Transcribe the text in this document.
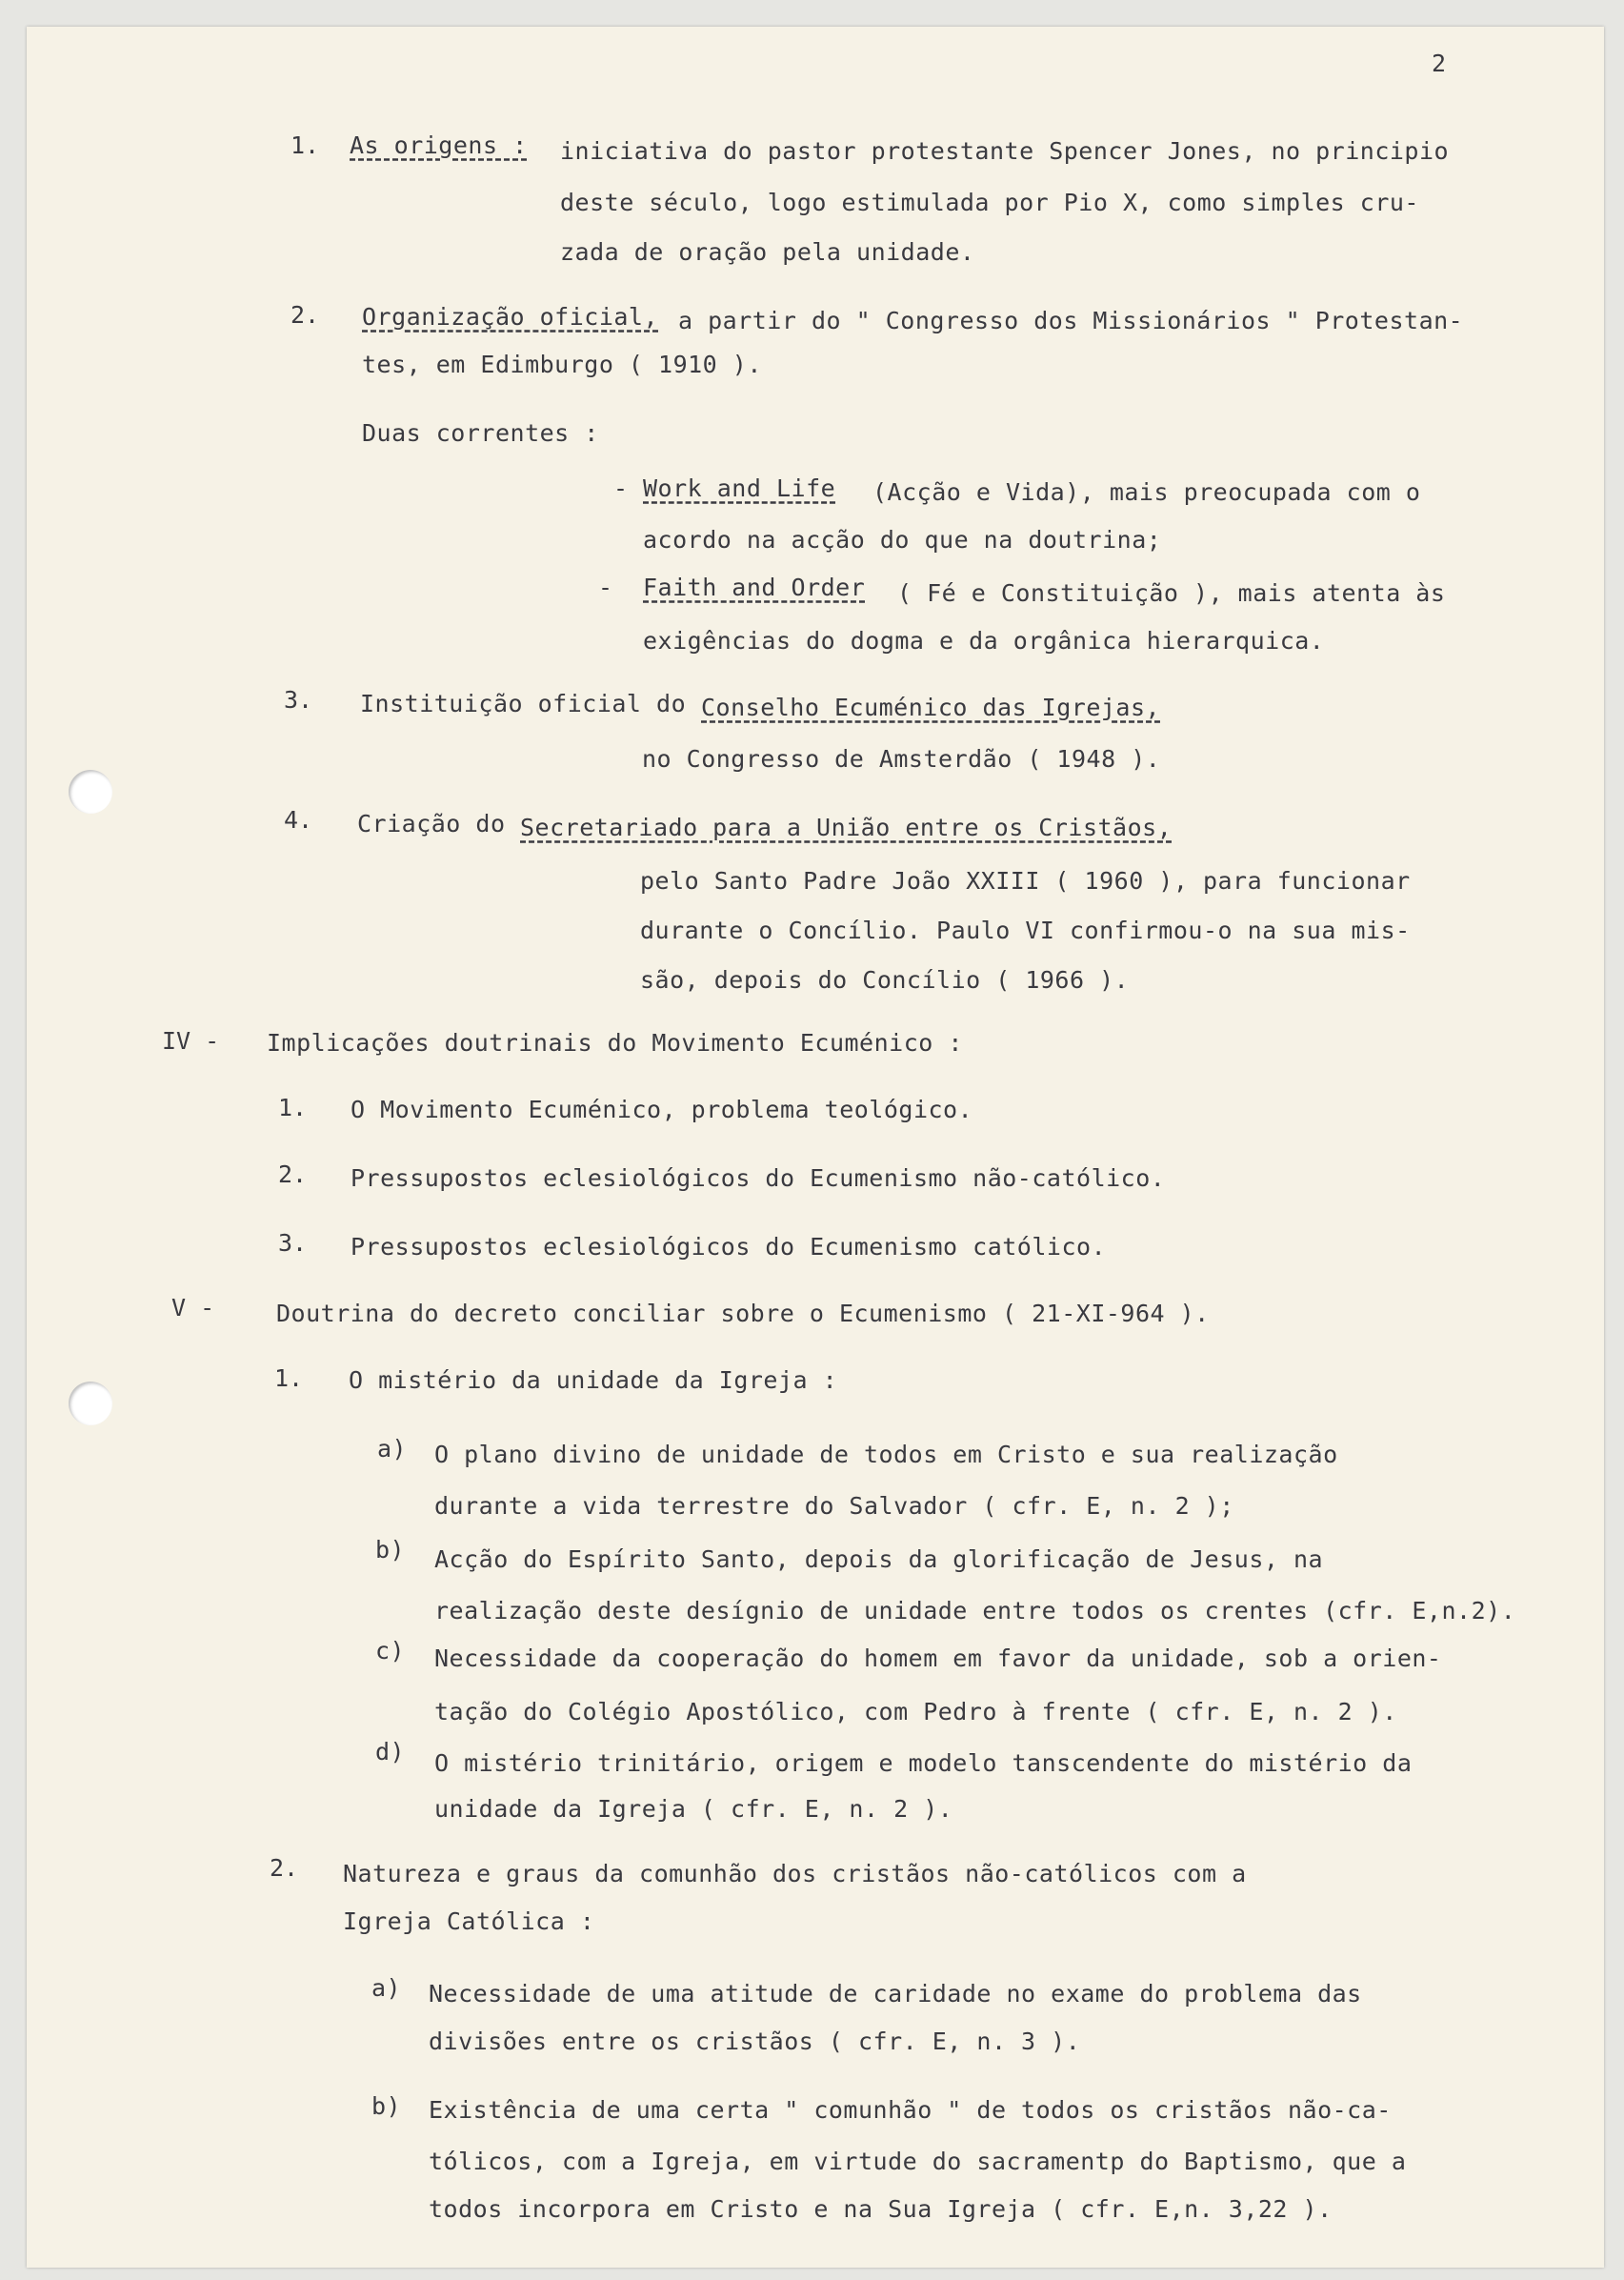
2
1. As origens : iniciativa do pastor protestante Spencer Jones, no principio
deste século, logo estimulada por Pio X, como simples cru-
zada de oração pela unidade.
2. Organização oficial, a partir do " Congresso dos Missionários " Protestan-
tes, em Edimburgo ( 1910 ).
Duas correntes :
- Work and Life (Acção e Vida), mais preocupada com o
acordo na acção do que na doutrina;
- Faith and Order ( Fé e Constituição ), mais atenta às
exigências do dogma e da orgânica hierarquica.
3. Instituição oficial do Conselho Ecuménico das Igrejas,
no Congresso de Amsterdão ( 1948 ).
4. Criação do Secretariado para a União entre os Cristãos,
pelo Santo Padre João XXIII ( 1960 ), para funcionar
durante o Concílio. Paulo VI confirmou-o na sua mis-
são, depois do Concílio ( 1966 ).
IV - Implicações doutrinais do Movimento Ecuménico :
1. O Movimento Ecuménico, problema teológico.
2. Pressupostos eclesiológicos do Ecumenismo não-católico.
3. Pressupostos eclesiológicos do Ecumenismo católico.
V -	Doutrina do decreto conciliar sobre o Ecumenismo ( 21-XI-964 ).
1. O mistério da unidade da Igreja :
a) O plano divino de unidade de todos em Cristo e sua realização
durante a vida terrestre do Salvador ( cfr. E, n. 2 );
b) Acção do Espírito Santo, depois da glorificação de Jesus, na
realização deste desígnio de unidade entre todos os crentes (cfr. E,n.2).
c) Necessidade da cooperação do homem em favor da unidade, sob a orien-
tação do Colégio Apostólico, com Pedro à frente ( cfr. E, n. 2 ).
d) O mistério trinitário, origem e modelo tanscendente do mistério da
unidade da Igreja ( cfr. E, n. 2 ).
2. Natureza e graus da comunhão dos cristãos não-católicos com a
Igreja Católica :
a) Necessidade de uma atitude de caridade no exame do problema das
divisões entre os cristãos ( cfr. E, n. 3 ).
b) Existência de uma certa " comunhão " de todos os cristãos não-ca-
tólicos, com a Igreja, em virtude do sacramentp do Baptismo, que a
todos incorpora em Cristo e na Sua Igreja ( cfr. E,n. 3,22 ).
